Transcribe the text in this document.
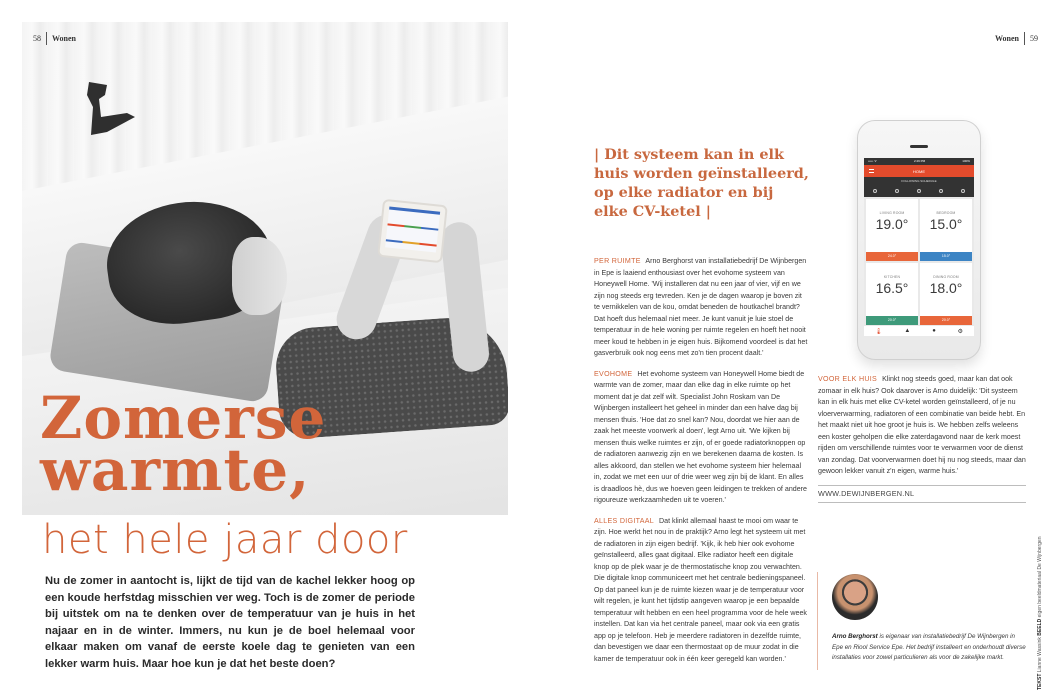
58 Wonen
Zomerse
warmte,
het hele jaar door
Nu de zomer in aantocht is, lijkt de tijd van de kachel lekker hoog op een koude herfstdag misschien ver weg. Toch is de zomer de periode bij uitstek om na te denken over de temperatuur van je huis in het najaar en in de winter. Immers, nu kun je de boel helemaal voor elkaar maken om vanaf de eerste koele dag te genieten van een lekker warm huis. Maar hoe kun je dat het beste doen?
Wonen 59
| Dit systeem kan in elk huis worden geïnstalleerd, op elke radiator en bij elke CV-ketel |

PER RUIMTE Arno Berghorst van installatiebedrijf De Wijnbergen in Epe is laaiend enthousiast over het evohome systeem van Honeywell Home. 'Wij installeren dat nu een jaar of vier, vijf en we zijn nog steeds erg tevreden. Ken je de dagen waarop je boven zit te vernikkelen van de kou, omdat beneden de houtkachel brandt? Dat hoeft dus helemaal niet meer. Je kunt vanuit je luie stoel de temperatuur in de hele woning per ruimte regelen en hoeft het nooit meer koud te hebben in je eigen huis. Bijkomend voordeel is dat het gasverbruik ook nog eens met zo'n tien procent daalt.'

EVOHOME Het evohome systeem van Honeywell Home biedt de warmte van de zomer, maar dan elke dag in elke ruimte op het moment dat je dat zelf wilt. Specialist John Roskam van De Wijnbergen installeert het geheel in minder dan een halve dag bij mensen thuis. 'Hoe dat zo snel kan? Nou, doordat we hier aan de zaak het meeste voorwerk al doen', legt Arno uit. 'We kijken bij mensen thuis welke ruimtes er zijn, of er goede radiatorknoppen op de radiatoren aanwezig zijn en we berekenen daarna de kosten. Is alles akkoord, dan stellen we het evohome systeem hier helemaal in, zodat we met een uur of drie weer weg zijn bij de klant. En alles is draadloos hè, dus we hoeven geen leidingen te trekken of andere rigoureuze werkzaamheden uit te voeren.'

ALLES DIGITAAL Dat klinkt allemaal haast te mooi om waar te zijn. Hoe werkt het nou in de praktijk? Arno legt het systeem uit met de radiatoren in zijn eigen bedrijf. 'Kijk, ik heb hier ook evohome geïnstalleerd, alles gaat digitaal. Elke radiator heeft een digitale knop op de plek waar je de thermostatische knop zou verwachten. Die digitale knop communiceert met het centrale bedieningspaneel. Op dat paneel kun je de ruimte kiezen waar je de temperatuur voor wilt regelen, je kunt het tijdstip aangeven waarop je een bepaalde temperatuur wilt hebben en een heel programma voor de hele week instellen. Dat kan via het centrale paneel, maar ook via een gratis app op je telefoon. Heb je meerdere radiatoren in dezelfde ruimte, dan bevestigen we daar een thermostaat op de muur zodat in die kamer de temperatuur ook in één keer geregeld kan worden.'

••••• ᯤ	2:29 PM	100%
HOME
FOLLOWING SCHEDULE
LIVING ROOM
19.0°
24.0°
BEDROOM
15.0°
15.0°
KITCHEN
16.5°
20.0°
DINING ROOM
18.0°
20.0°
🌡	▲	●	⚙

VOOR ELK HUIS Klinkt nog steeds goed, maar kan dat ook zomaar in elk huis? Ook daarover is Arno duidelijk: 'Dit systeem kan in elk huis met elke CV-ketel worden geïnstalleerd, of je nu vloerverwarming, radiatoren of een combinatie van beide hebt. En het maakt niet uit hoe groot je huis is. We hebben zelfs weleens een koster geholpen die elke zaterdagavond naar de kerk moest rijden om verschillende ruimtes voor te verwarmen voor de dienst van zondag. Dat voorverwarmen doet hij nu nog steeds, maar dan gewoon lekker vanuit z'n eigen, warme huis.'

WWW.DEWIJNBERGEN.NL
Arno Berghorst is eigenaar van installatiebedrijf De Wijnbergen in Epe en Riool Service Epe. Het bedrijf installeert en onderhoudt diverse installaties voor zowel particulieren als voor de zakelijke markt.
TEKST Lianne Wassink BEELD eigen beeldmateriaal De Wijnbergen
